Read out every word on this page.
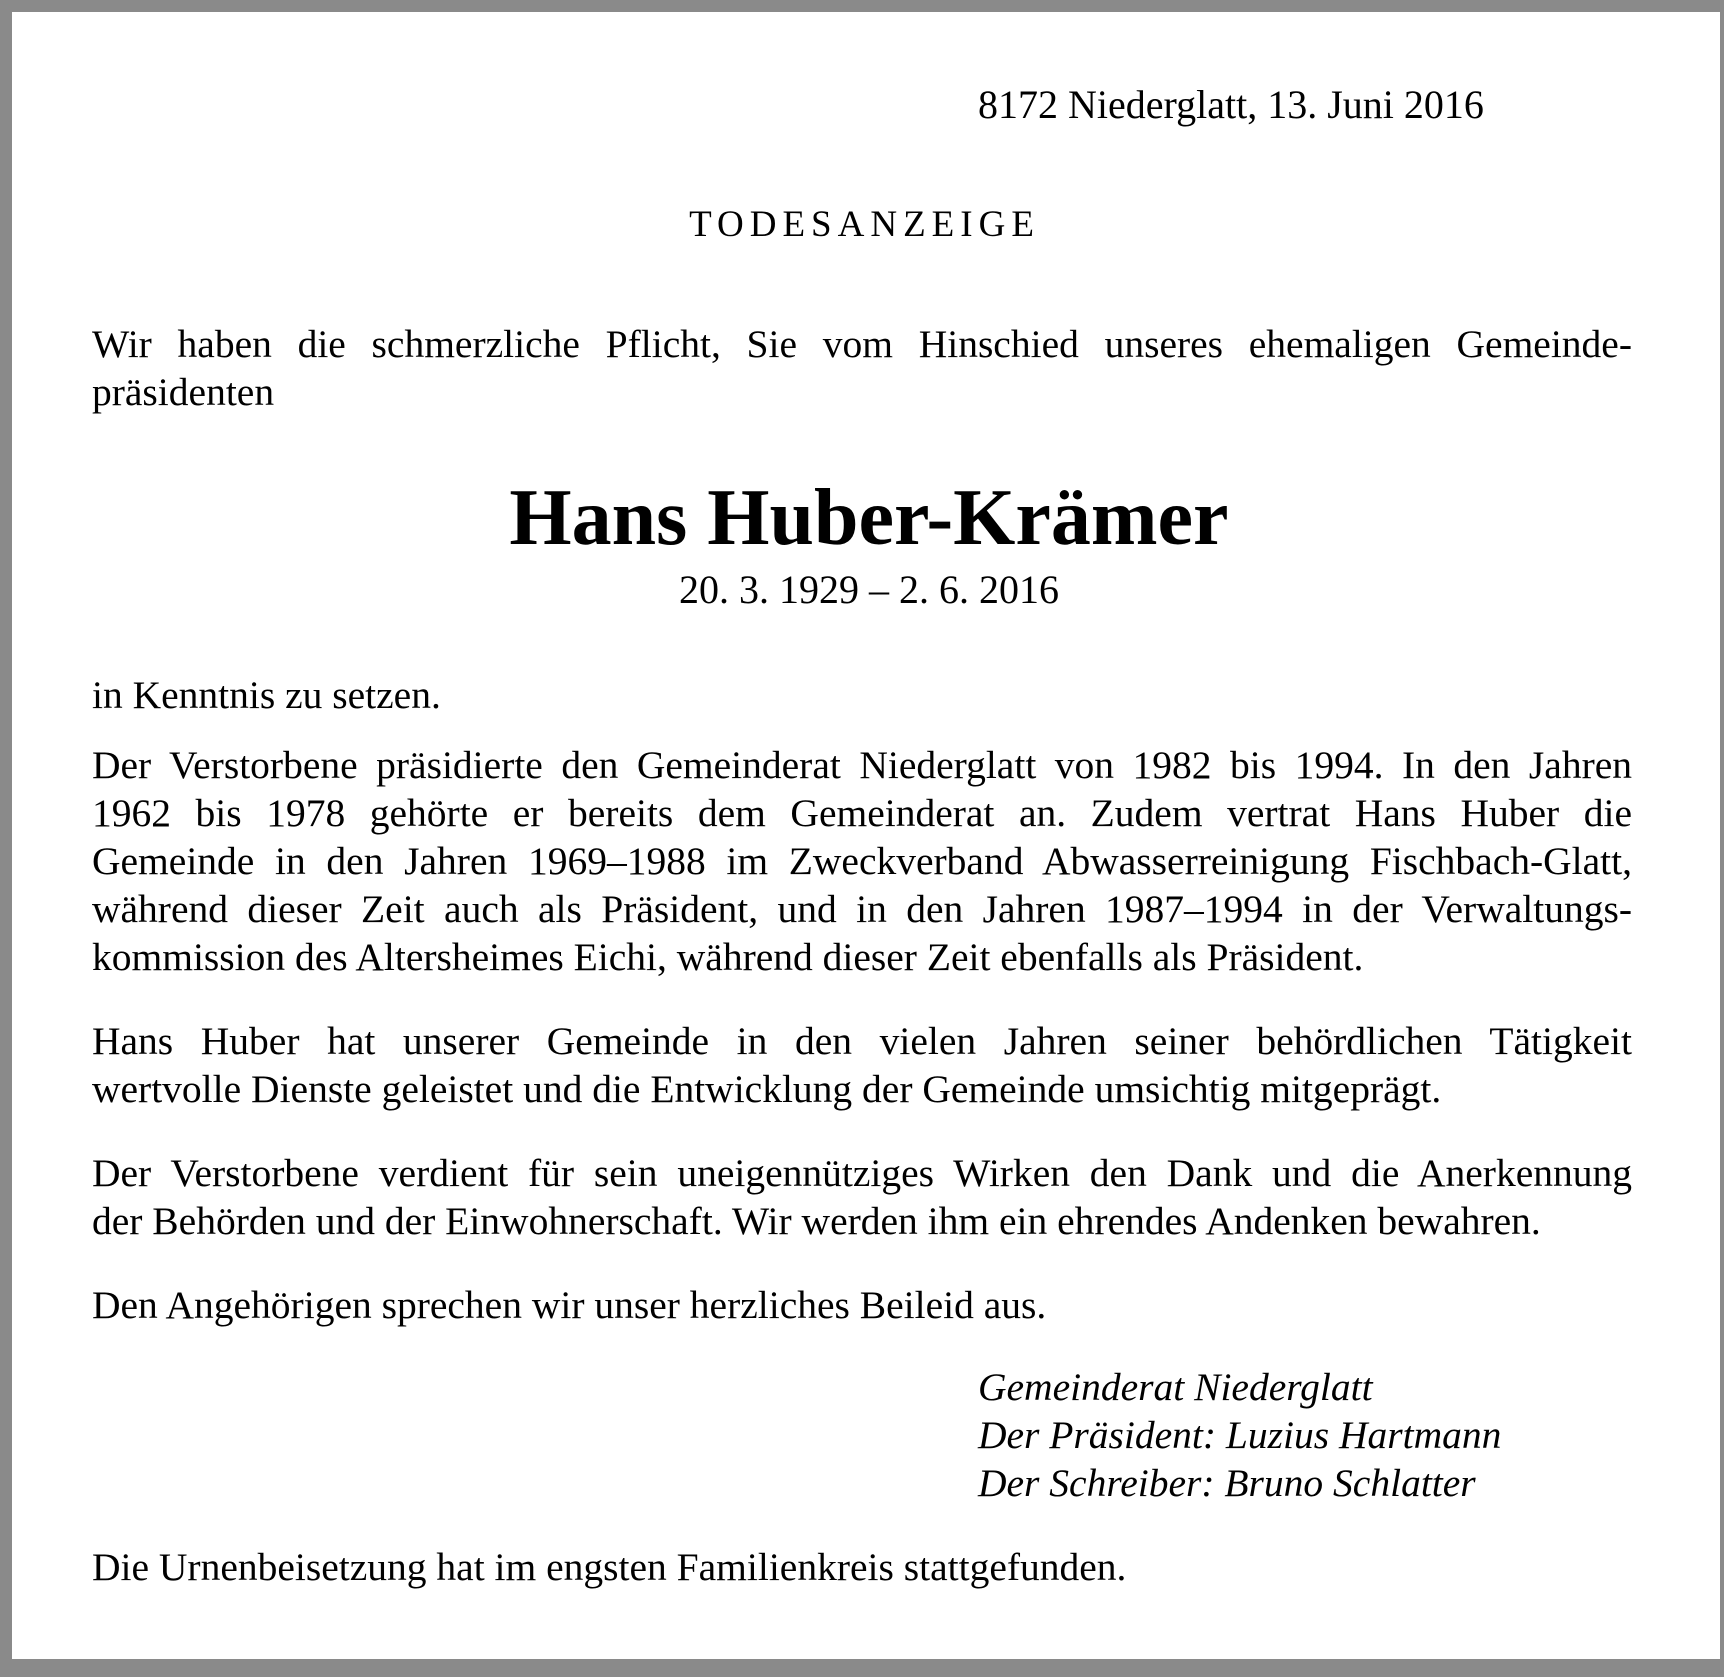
8172 Niederglatt, 13. Juni 2016
TODESANZEIGE
Wir haben die schmerzliche Pflicht, Sie vom Hinschied unseres ehemaligen Gemeinde-
präsidenten
Hans Huber-Krämer
20. 3. 1929 – 2. 6. 2016
in Kenntnis zu setzen.
Der Verstorbene präsidierte den Gemeinderat Niederglatt von 1982 bis 1994. In den Jahren
1962 bis 1978 gehörte er bereits dem Gemeinderat an. Zudem vertrat Hans Huber die
Gemeinde in den Jahren 1969–1988 im Zweckverband Abwasserreinigung Fischbach-Glatt,
während dieser Zeit auch als Präsident, und in den Jahren 1987–1994 in der Verwaltungs-
kommission des Altersheimes Eichi, während dieser Zeit ebenfalls als Präsident.
Hans Huber hat unserer Gemeinde in den vielen Jahren seiner behördlichen Tätigkeit
wertvolle Dienste geleistet und die Entwicklung der Gemeinde umsichtig mitgeprägt.
Der Verstorbene verdient für sein uneigennütziges Wirken den Dank und die Anerkennung
der Behörden und der Einwohnerschaft. Wir werden ihm ein ehrendes Andenken bewahren.
Den Angehörigen sprechen wir unser herzliches Beileid aus.
Gemeinderat Niederglatt
Der Präsident: Luzius Hartmann
Der Schreiber: Bruno Schlatter
Die Urnenbeisetzung hat im engsten Familienkreis stattgefunden.
